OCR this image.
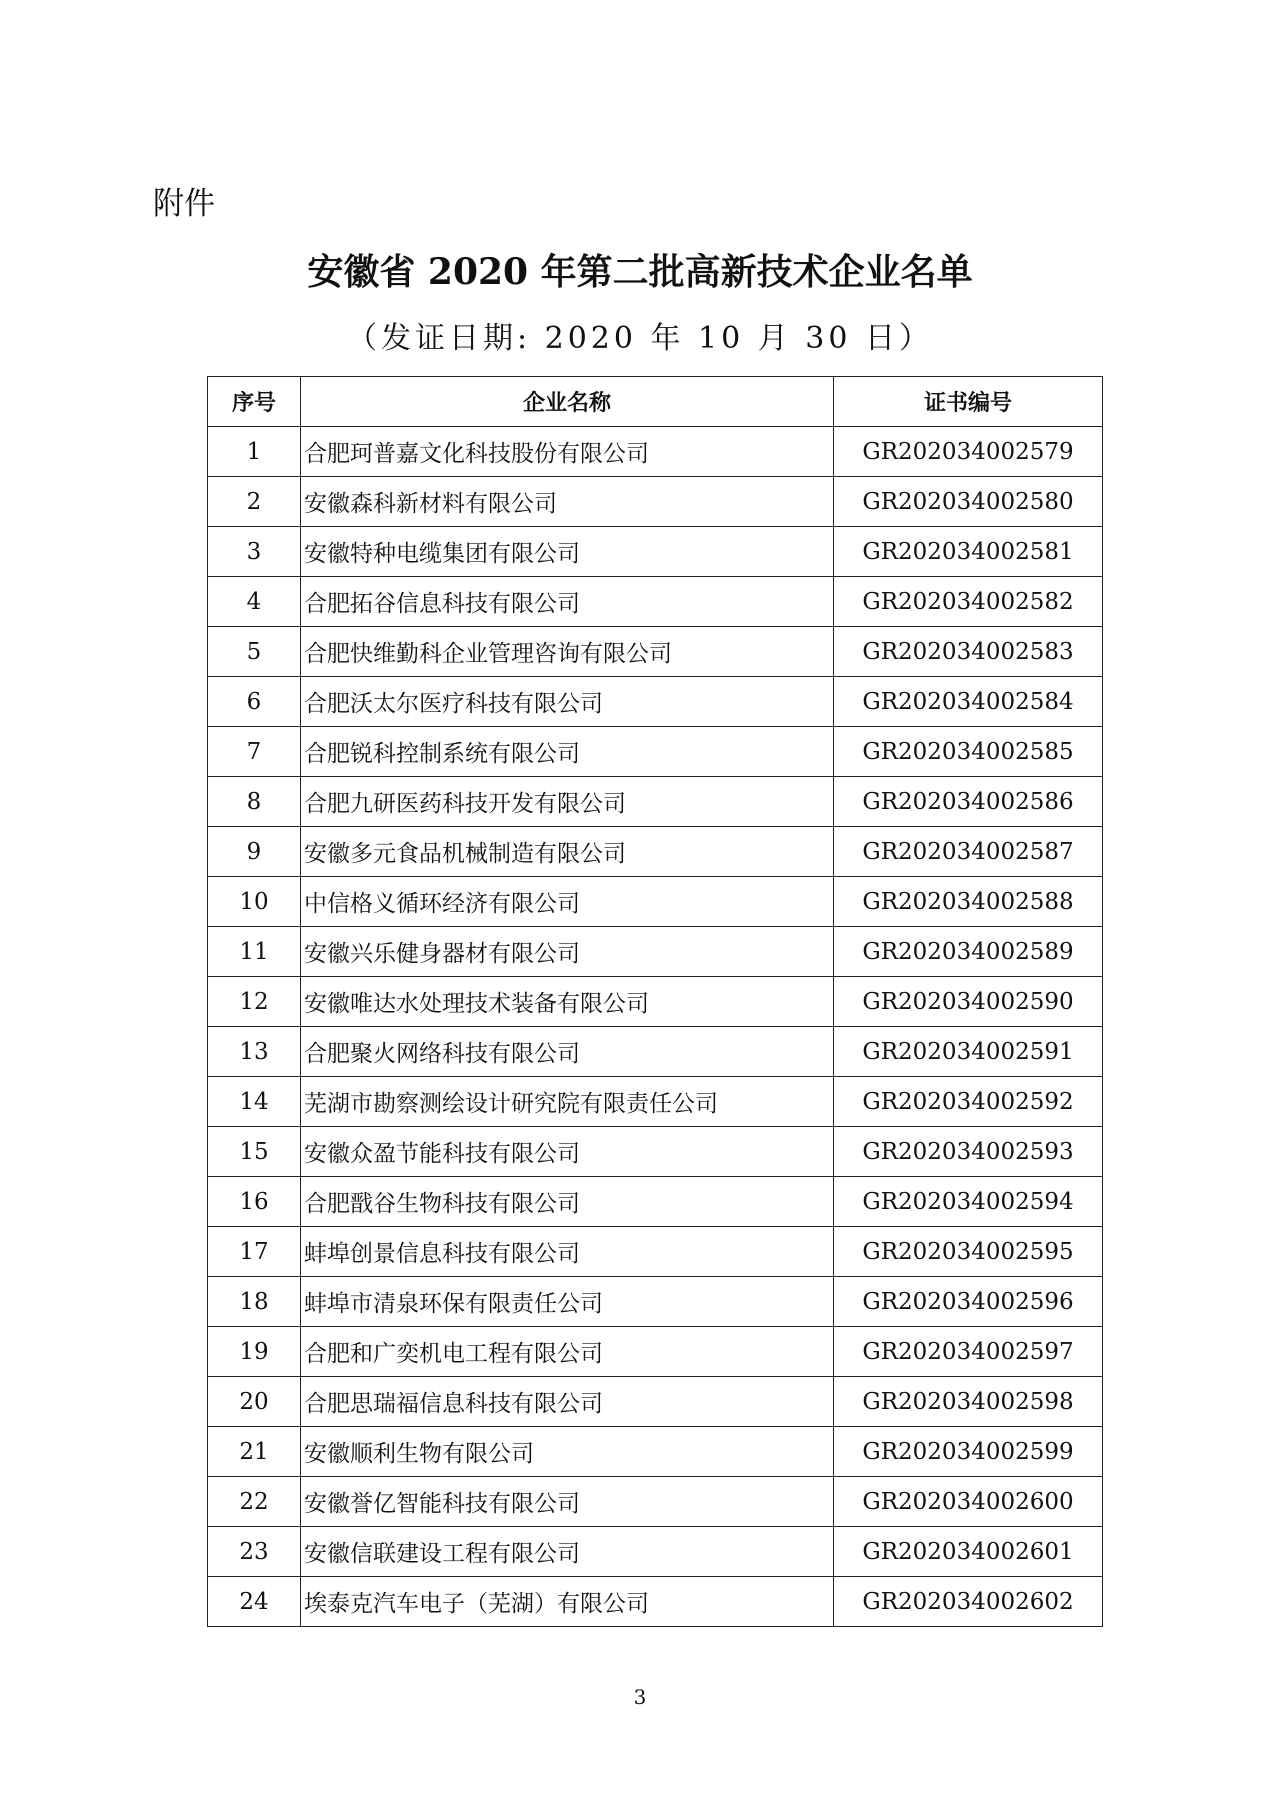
附件

安徽省 2020 年第二批高新技术企业名单

（发证日期: 2020 年 10 月 30 日）

序号	企业名称	证书编号
1	合肥珂普嘉文化科技股份有限公司	GR202034002579
2	安徽森科新材料有限公司	GR202034002580
3	安徽特种电缆集团有限公司	GR202034002581
4	合肥拓谷信息科技有限公司	GR202034002582
5	合肥快维勤科企业管理咨询有限公司	GR202034002583
6	合肥沃太尔医疗科技有限公司	GR202034002584
7	合肥锐科控制系统有限公司	GR202034002585
8	合肥九研医药科技开发有限公司	GR202034002586
9	安徽多元食品机械制造有限公司	GR202034002587
10	中信格义循环经济有限公司	GR202034002588
11	安徽兴乐健身器材有限公司	GR202034002589
12	安徽唯达水处理技术装备有限公司	GR202034002590
13	合肥聚火网络科技有限公司	GR202034002591
14	芜湖市勘察测绘设计研究院有限责任公司	GR202034002592
15	安徽众盈节能科技有限公司	GR202034002593
16	合肥戬谷生物科技有限公司	GR202034002594
17	蚌埠创景信息科技有限公司	GR202034002595
18	蚌埠市清泉环保有限责任公司	GR202034002596
19	合肥和广奕机电工程有限公司	GR202034002597
20	合肥思瑞福信息科技有限公司	GR202034002598
21	安徽顺利生物有限公司	GR202034002599
22	安徽誉亿智能科技有限公司	GR202034002600
23	安徽信联建设工程有限公司	GR202034002601
24	埃泰克汽车电子（芜湖）有限公司	GR202034002602

3
